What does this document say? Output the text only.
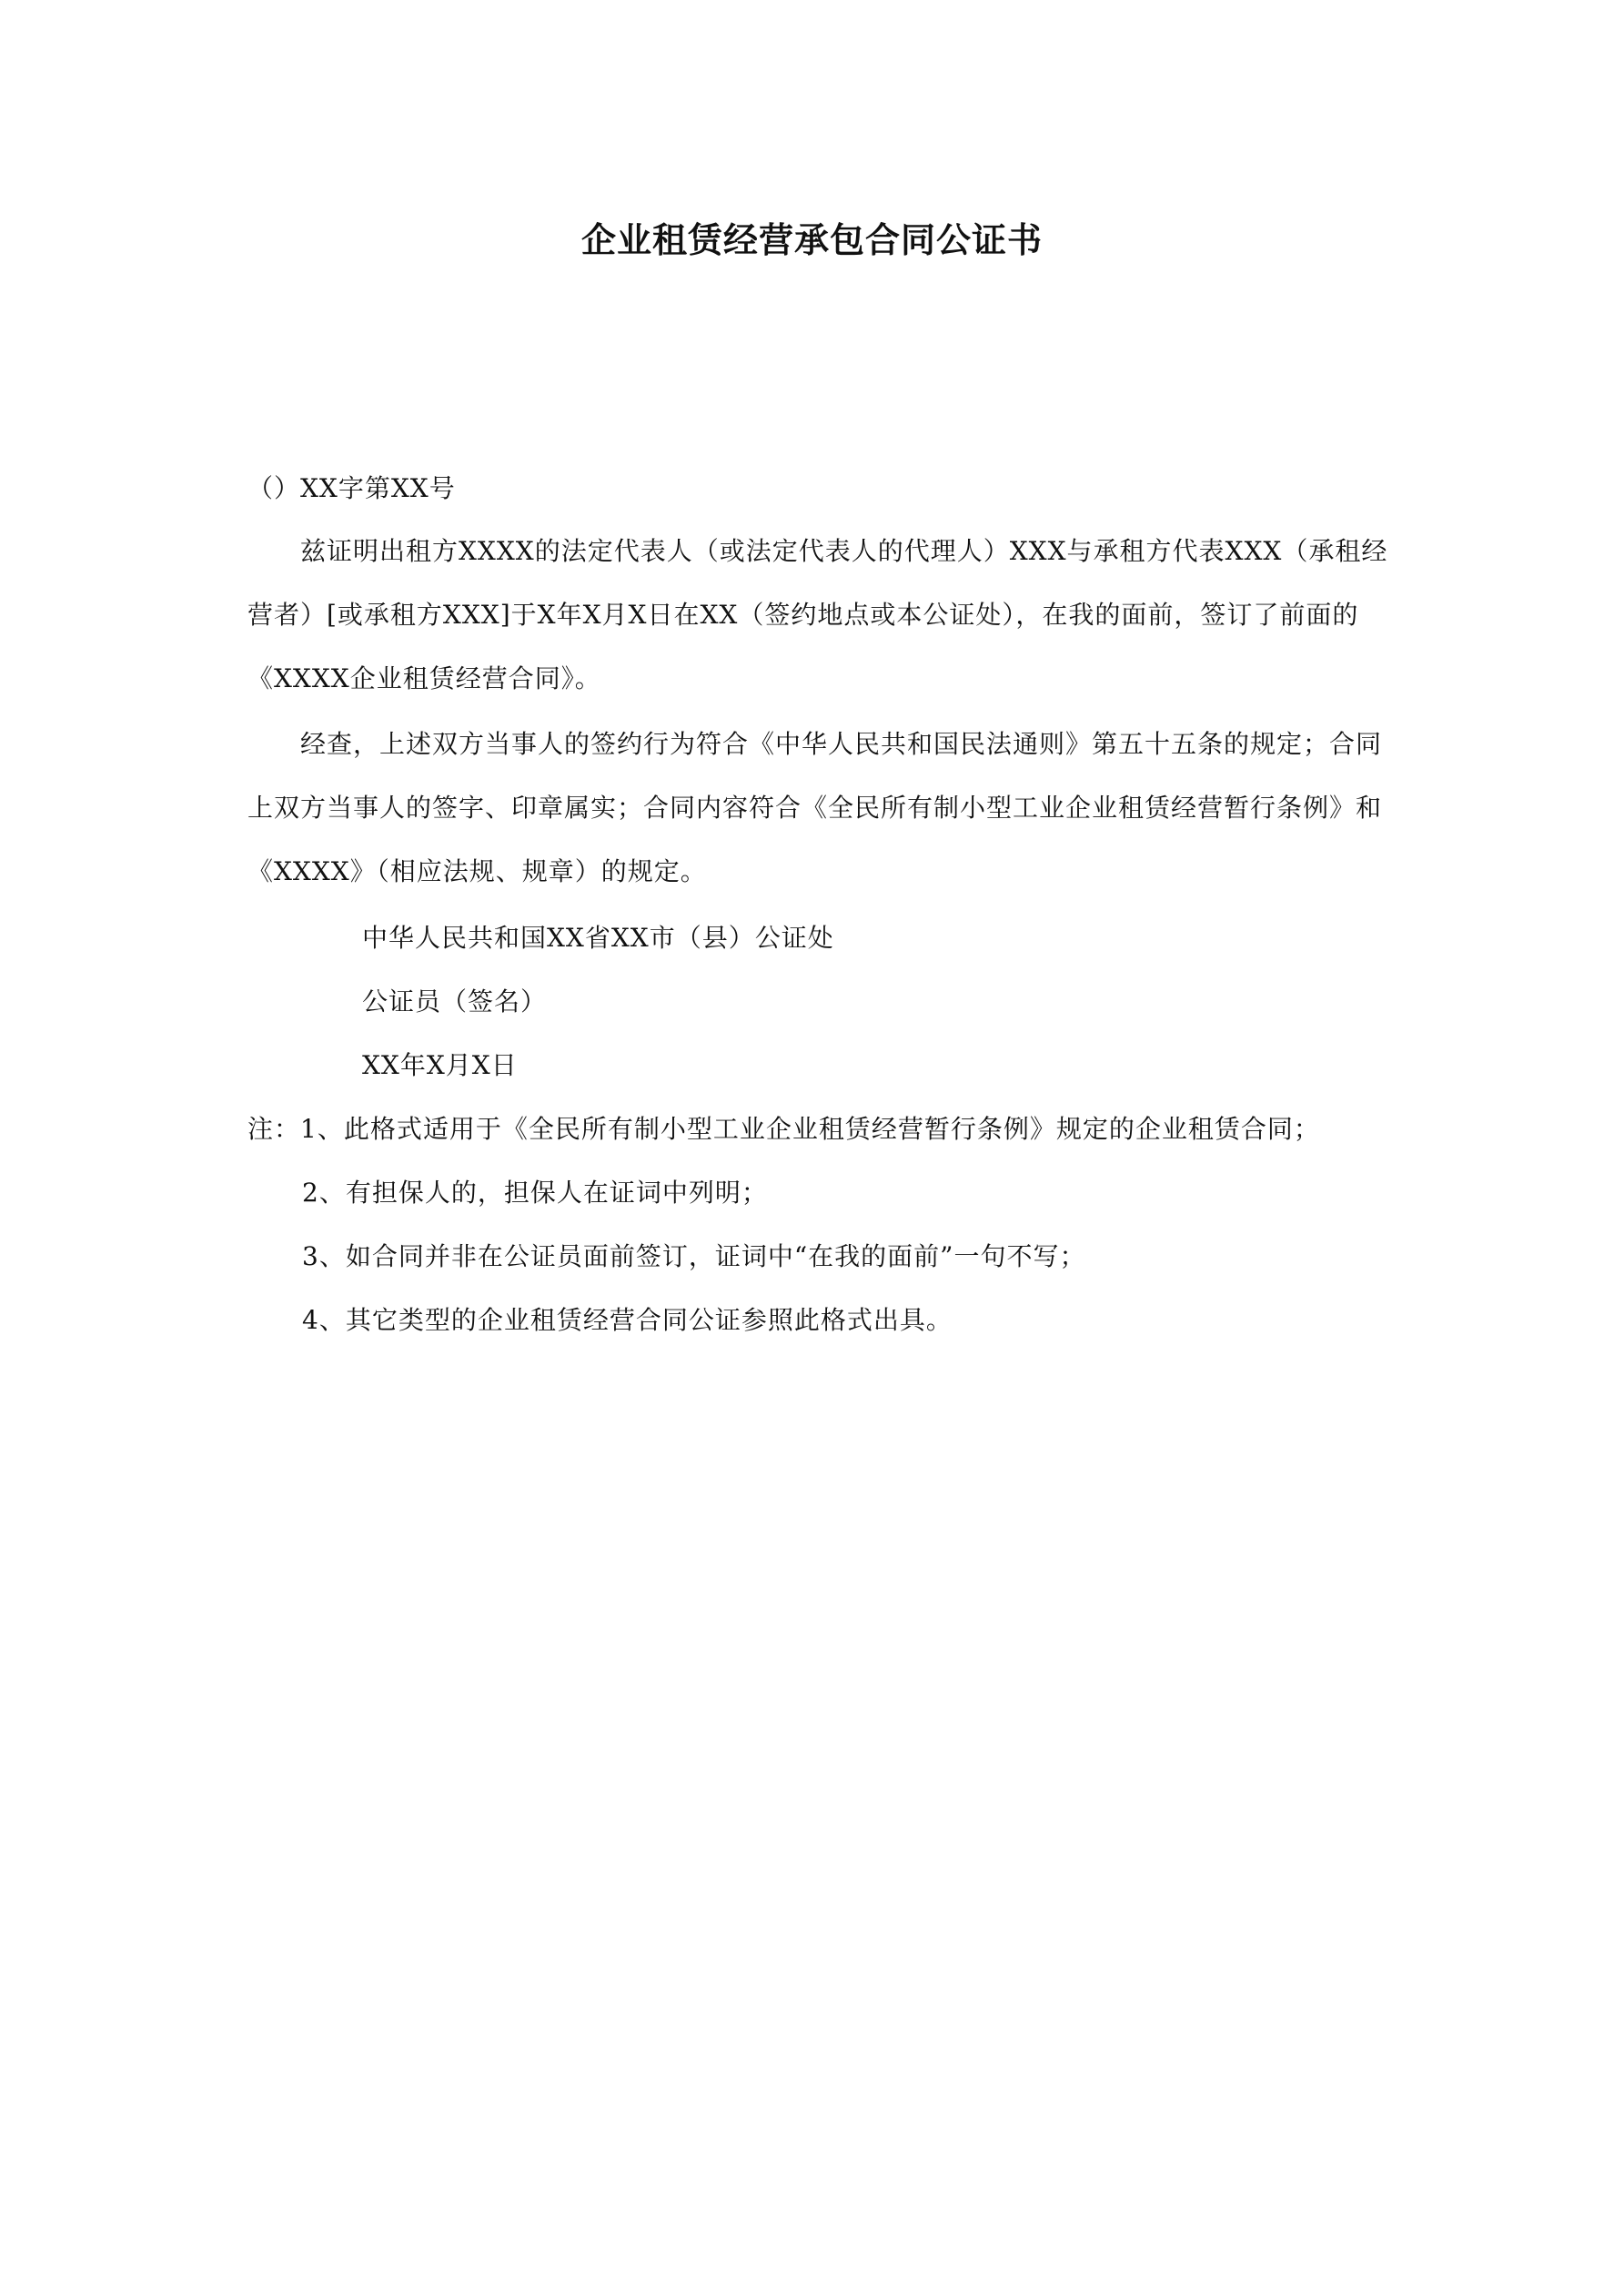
企业租赁经营承包合同公证书
（）XX字第XX号

兹证明出租方XXXX的法定代表人（或法定代表人的代理人）XXX与承租方代表XXX（承租经营者）[或承租方XXX]于X年X月X日在XX（签约地点或本公证处），在我的面前，签订了前面的《XXXX企业租赁经营合同》。

经查，上述双方当事人的签约行为符合《中华人民共和国民法通则》第五十五条的规定；合同上双方当事人的签字、印章属实；合同内容符合《全民所有制小型工业企业租赁经营暂行条例》和《XXXX》（相应法规、规章）的规定。

中华人民共和国XX省XX市（县）公证处
公证员（签名）
XX年X月X日
注：1、此格式适用于《全民所有制小型工业企业租赁经营暂行条例》规定的企业租赁合同；
2、有担保人的，担保人在证词中列明；
3、如合同并非在公证员面前签订，证词中“在我的面前”一句不写；
4、其它类型的企业租赁经营合同公证参照此格式出具。
